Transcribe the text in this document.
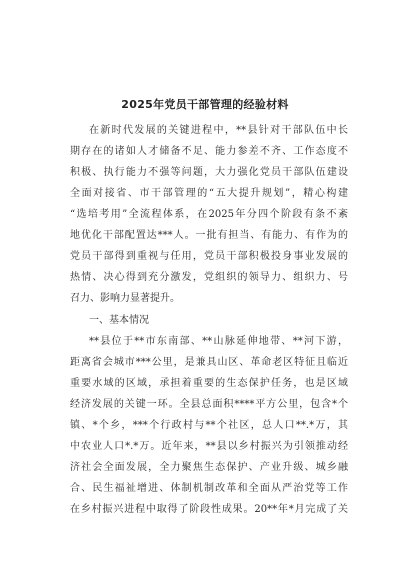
2025年党员干部管理的经验材料
在新时代发展的关键进程中，**县针对干部队伍中长
期存在的诸如人才储备不足、能力参差不齐、工作态度不
积极、执行能力不强等问题，大力强化党员干部队伍建设
全面对接省、市干部管理的“五大提升规划”，精心构建
“选培考用”全流程体系，在2025年分四个阶段有条不紊
地优化干部配置达***人。一批有担当、有能力、有作为的
党员干部得到重视与任用，党员干部积极投身事业发展的
热情、决心得到充分激发，党组织的领导力、组织力、号
召力、影响力显著提升。
一、基本情况
**县位于**市东南部、**山脉延伸地带、**河下游，
距离省会城市***公里，是兼具山区、革命老区特征且临近
重要水域的区域，承担着重要的生态保护任务，也是区域
经济发展的关键一环。全县总面积****平方公里，包含*个
镇、*个乡，***个行政村与**个社区，总人口**.*万，其
中农业人口*.*万。近年来，**县以乡村振兴为引领推动经
济社会全面发展，全力聚焦生态保护、产业升级、城乡融
合、民生福祉增进、体制机制改革和全面从严治党等工作
在乡村振兴进程中取得了阶段性成果。20**年*月完成了关
